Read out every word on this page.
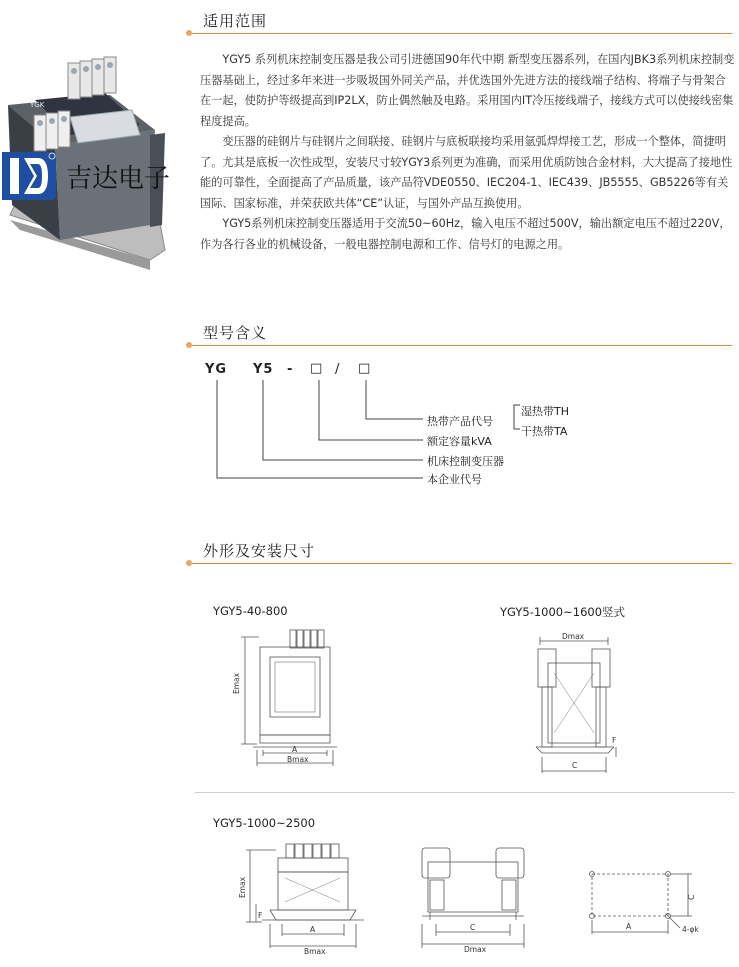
YGK
吉达电子
适用范围

YGY5 系列机床控制变压器是我公司引进德国90年代中期 新型变压器系列，在国内JBK3系列机床控制变压器基础上，经过多年来进一步吸圾国外同关产品，并优选国外先进方法的接线端子结构、将端子与骨架合在一起，使防护等级提高到IP2LX，防止偶然触及电路。采用国内IT冷压接线端子，接线方式可以使接线密集程度提高。

变压器的硅钢片与硅钢片之间联接、硅钢片与底板联接均采用氩弧焊焊接工艺，形成一个整体，简捷明了。尤其是底板一次性成型，安装尺寸较YGY3系列更为准确，而采用优质防蚀合金材料，大大提高了接地性能的可靠性，全面提高了产品质量，该产品符VDE0550、IEC204-1、IEC439、JB5555、GB5226等有关国际、国家标准，并荣获欧共体“CE”认证，与国外产品互换使用。

YGY5系列机床控制变压器适用于交流50~60Hz，输入电压不超过500V，输出额定电压不超过220V，作为各行各业的机械设备，一般电器控制电源和工作、信号灯的电源之用。

型号含义
YG Y5 - □ / □
热带产品代号
湿热带TH
干热带TA
额定容量kVA
机床控制变压器
本企业代号
外形及安装尺寸
YGY5-40-800	YGY5-1000~1600竖式
Emax
A
Bmax
Dmax
C
F
YGY5-1000~2500
Emax
F
A
Bmax
C
Dmax
C
A	4-φk
